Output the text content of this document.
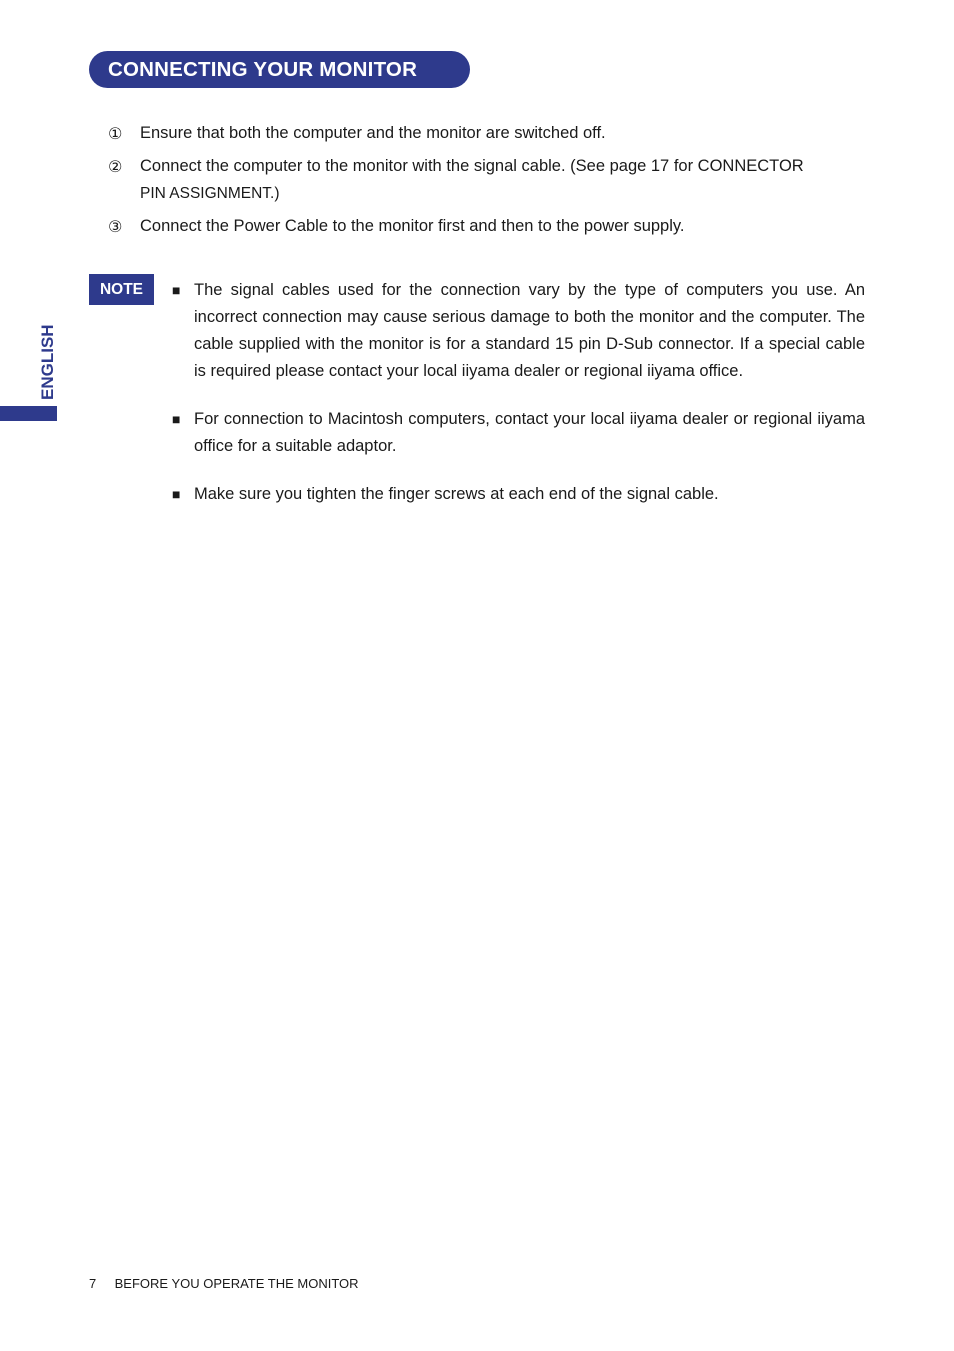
CONNECTING YOUR MONITOR
ENGLISH
① Ensure that both the computer and the monitor are switched off.
② Connect the computer to the monitor with the signal cable. (See page 17 for CONNECTOR
PIN ASSIGNMENT.)
③ Connect the Power Cable to the monitor first and then to the power supply.
NOTE	■ The signal cables used for the connection vary by the type of computers you use. An incorrect connection may cause serious damage to both the monitor and the computer. The cable supplied with the monitor is for a standard 15 pin D-Sub connector. If a special cable is required please contact your local iiyama dealer or regional iiyama office.
■ For connection to Macintosh computers, contact your local iiyama dealer or regional iiyama office for a suitable adaptor.
■ Make sure you tighten the finger screws at each end of the signal cable.
7 BEFORE YOU OPERATE THE MONITOR
